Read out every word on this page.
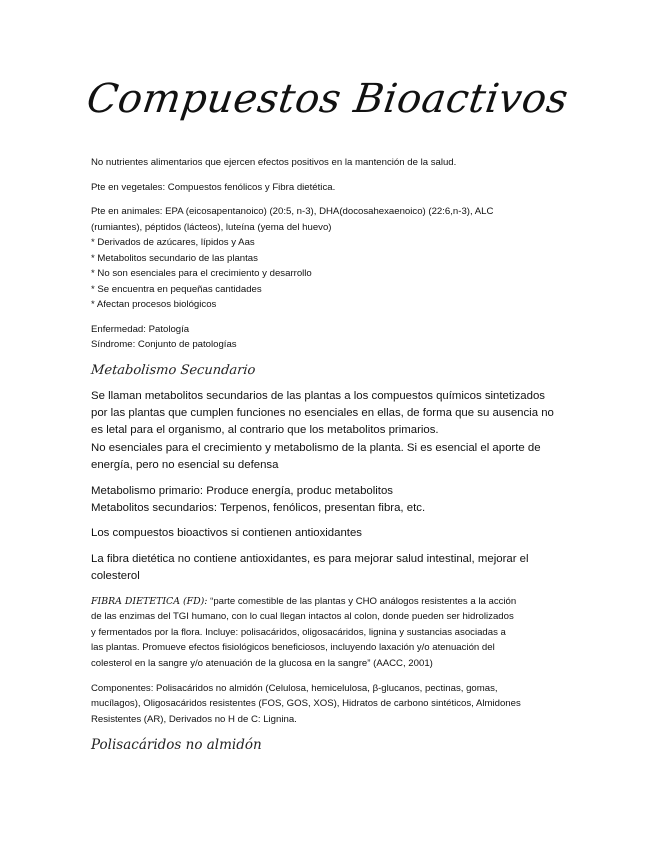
Compuestos Bioactivos

No nutrientes alimentarios que ejercen efectos positivos en la mantención de la salud.

Pte en vegetales: Compuestos fenólicos y Fibra dietética.

Pte en animales: EPA (eicosapentanoico) (20:5, n-3), DHA(docosahexaenoico) (22:6,n-3), ALC
(rumiantes), péptidos (lácteos), luteína (yema del huevo)
* Derivados de azúcares, lípidos y Aas
* Metabolitos secundario de las plantas
* No son esenciales para el crecimiento y desarrollo
* Se encuentra en pequeñas cantidades
* Afectan procesos biológicos

Enfermedad: Patología
Síndrome: Conjunto de patologías

Metabolismo Secundario

Se llaman metabolitos secundarios de las plantas a los compuestos químicos sintetizados
por las plantas que cumplen funciones no esenciales en ellas, de forma que su ausencia no
es letal para el organismo, al contrario que los metabolitos primarios.
No esenciales para el crecimiento y metabolismo de la planta. Si es esencial el aporte de
energía, pero no esencial su defensa

Metabolismo primario: Produce energía, produc metabolitos
Metabolitos secundarios: Terpenos, fenólicos, presentan fibra, etc.

Los compuestos bioactivos si contienen antioxidantes

La fibra dietética no contiene antioxidantes, es para mejorar salud intestinal, mejorar el
colesterol

FIBRA DIETETICA (FD): “parte comestible de las plantas y CHO análogos resistentes a la acción
de las enzimas del TGI humano, con lo cual llegan intactos al colon, donde pueden ser hidrolizados
y fermentados por la flora. Incluye: polisacáridos, oligosacáridos, lignina y sustancias asociadas a
las plantas. Promueve efectos fisiológicos beneficiosos, incluyendo laxación y/o atenuación del
colesterol en la sangre y/o atenuación de la glucosa en la sangre” (AACC, 2001)

Componentes: Polisacáridos no almidón (Celulosa, hemicelulosa, β-glucanos, pectinas, gomas,
mucílagos), Oligosacáridos resistentes (FOS, GOS, XOS), Hidratos de carbono sintéticos, Almidones
Resistentes (AR), Derivados no H de C: Lignina.

Polisacáridos no almidón
